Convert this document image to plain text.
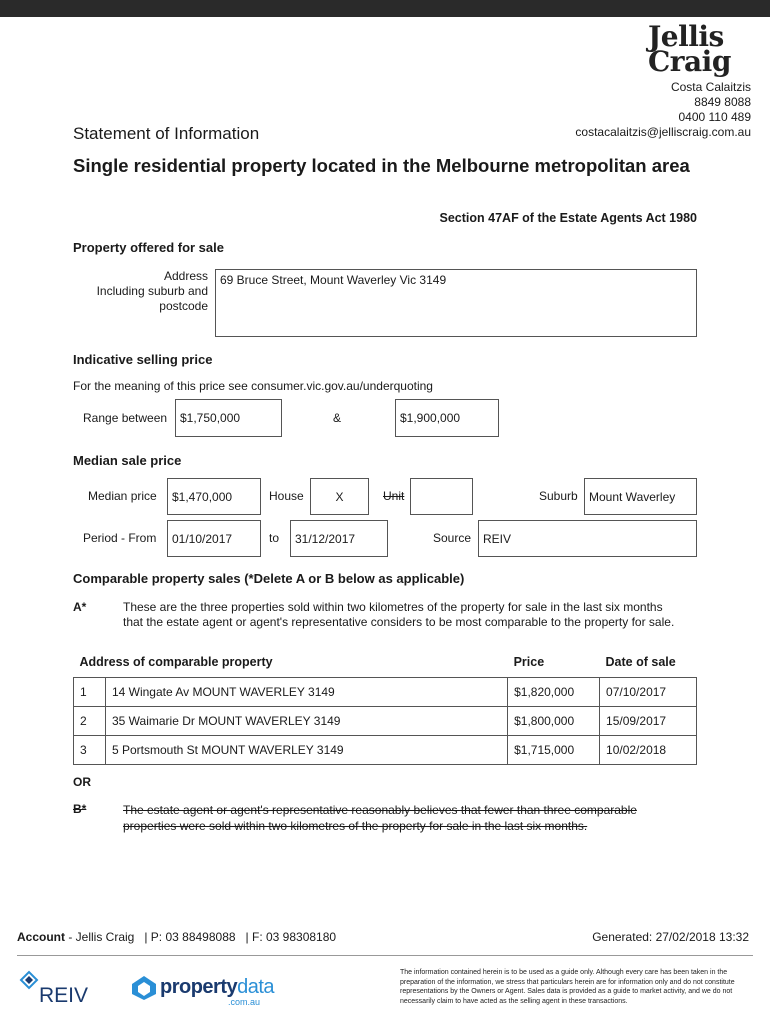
Jellis
Craig
Costa Calaitzis
8849 8088
0400 110 489
costacalaitzis@jelliscraig.com.au
Statement of Information
Single residential property located in the Melbourne metropolitan area
Section 47AF of the Estate Agents Act 1980
Property offered for sale
Address
Including suburb and
postcode
69 Bruce Street, Mount Waverley Vic 3149
Indicative selling price
For the meaning of this price see consumer.vic.gov.au/underquoting
Range between	$1,750,000	&	$1,900,000
Median sale price
Median price	$1,470,000	House	X	Unit	Suburb Mount Waverley
Period - From	01/10/2017	to	31/12/2017	Source REIV
Comparable property sales (*Delete A or B below as applicable)
A*	These are the three properties sold within two kilometres of the property for sale in the last six months that the estate agent or agent's representative considers to be most comparable to the property for sale.
Address of comparable property		Price	Date of sale
1	14 Wingate Av MOUNT WAVERLEY 3149	$1,820,000	07/10/2017
2	35 Waimarie Dr MOUNT WAVERLEY 3149	$1,800,000	15/09/2017
3	5 Portsmouth St MOUNT WAVERLEY 3149	$1,715,000	10/02/2018
OR
B*	The estate agent or agent's representative reasonably believes that fewer than three comparable properties were sold within two kilometres of the property for sale in the last six months.
Account - Jellis Craig   | P: 03 88498088   | F: 03 98308180	Generated: 27/02/2018 13:32
REIV	propertydata
.com.au
The information contained herein is to be used as a guide only. Although every care has been taken in the preparation of the information, we stress that particulars herein are for information only and do not constitute representations by the Owners or Agent. Sales data is provided as a guide to market activity, and we do not necessarily claim to have acted as the selling agent in these transactions.
